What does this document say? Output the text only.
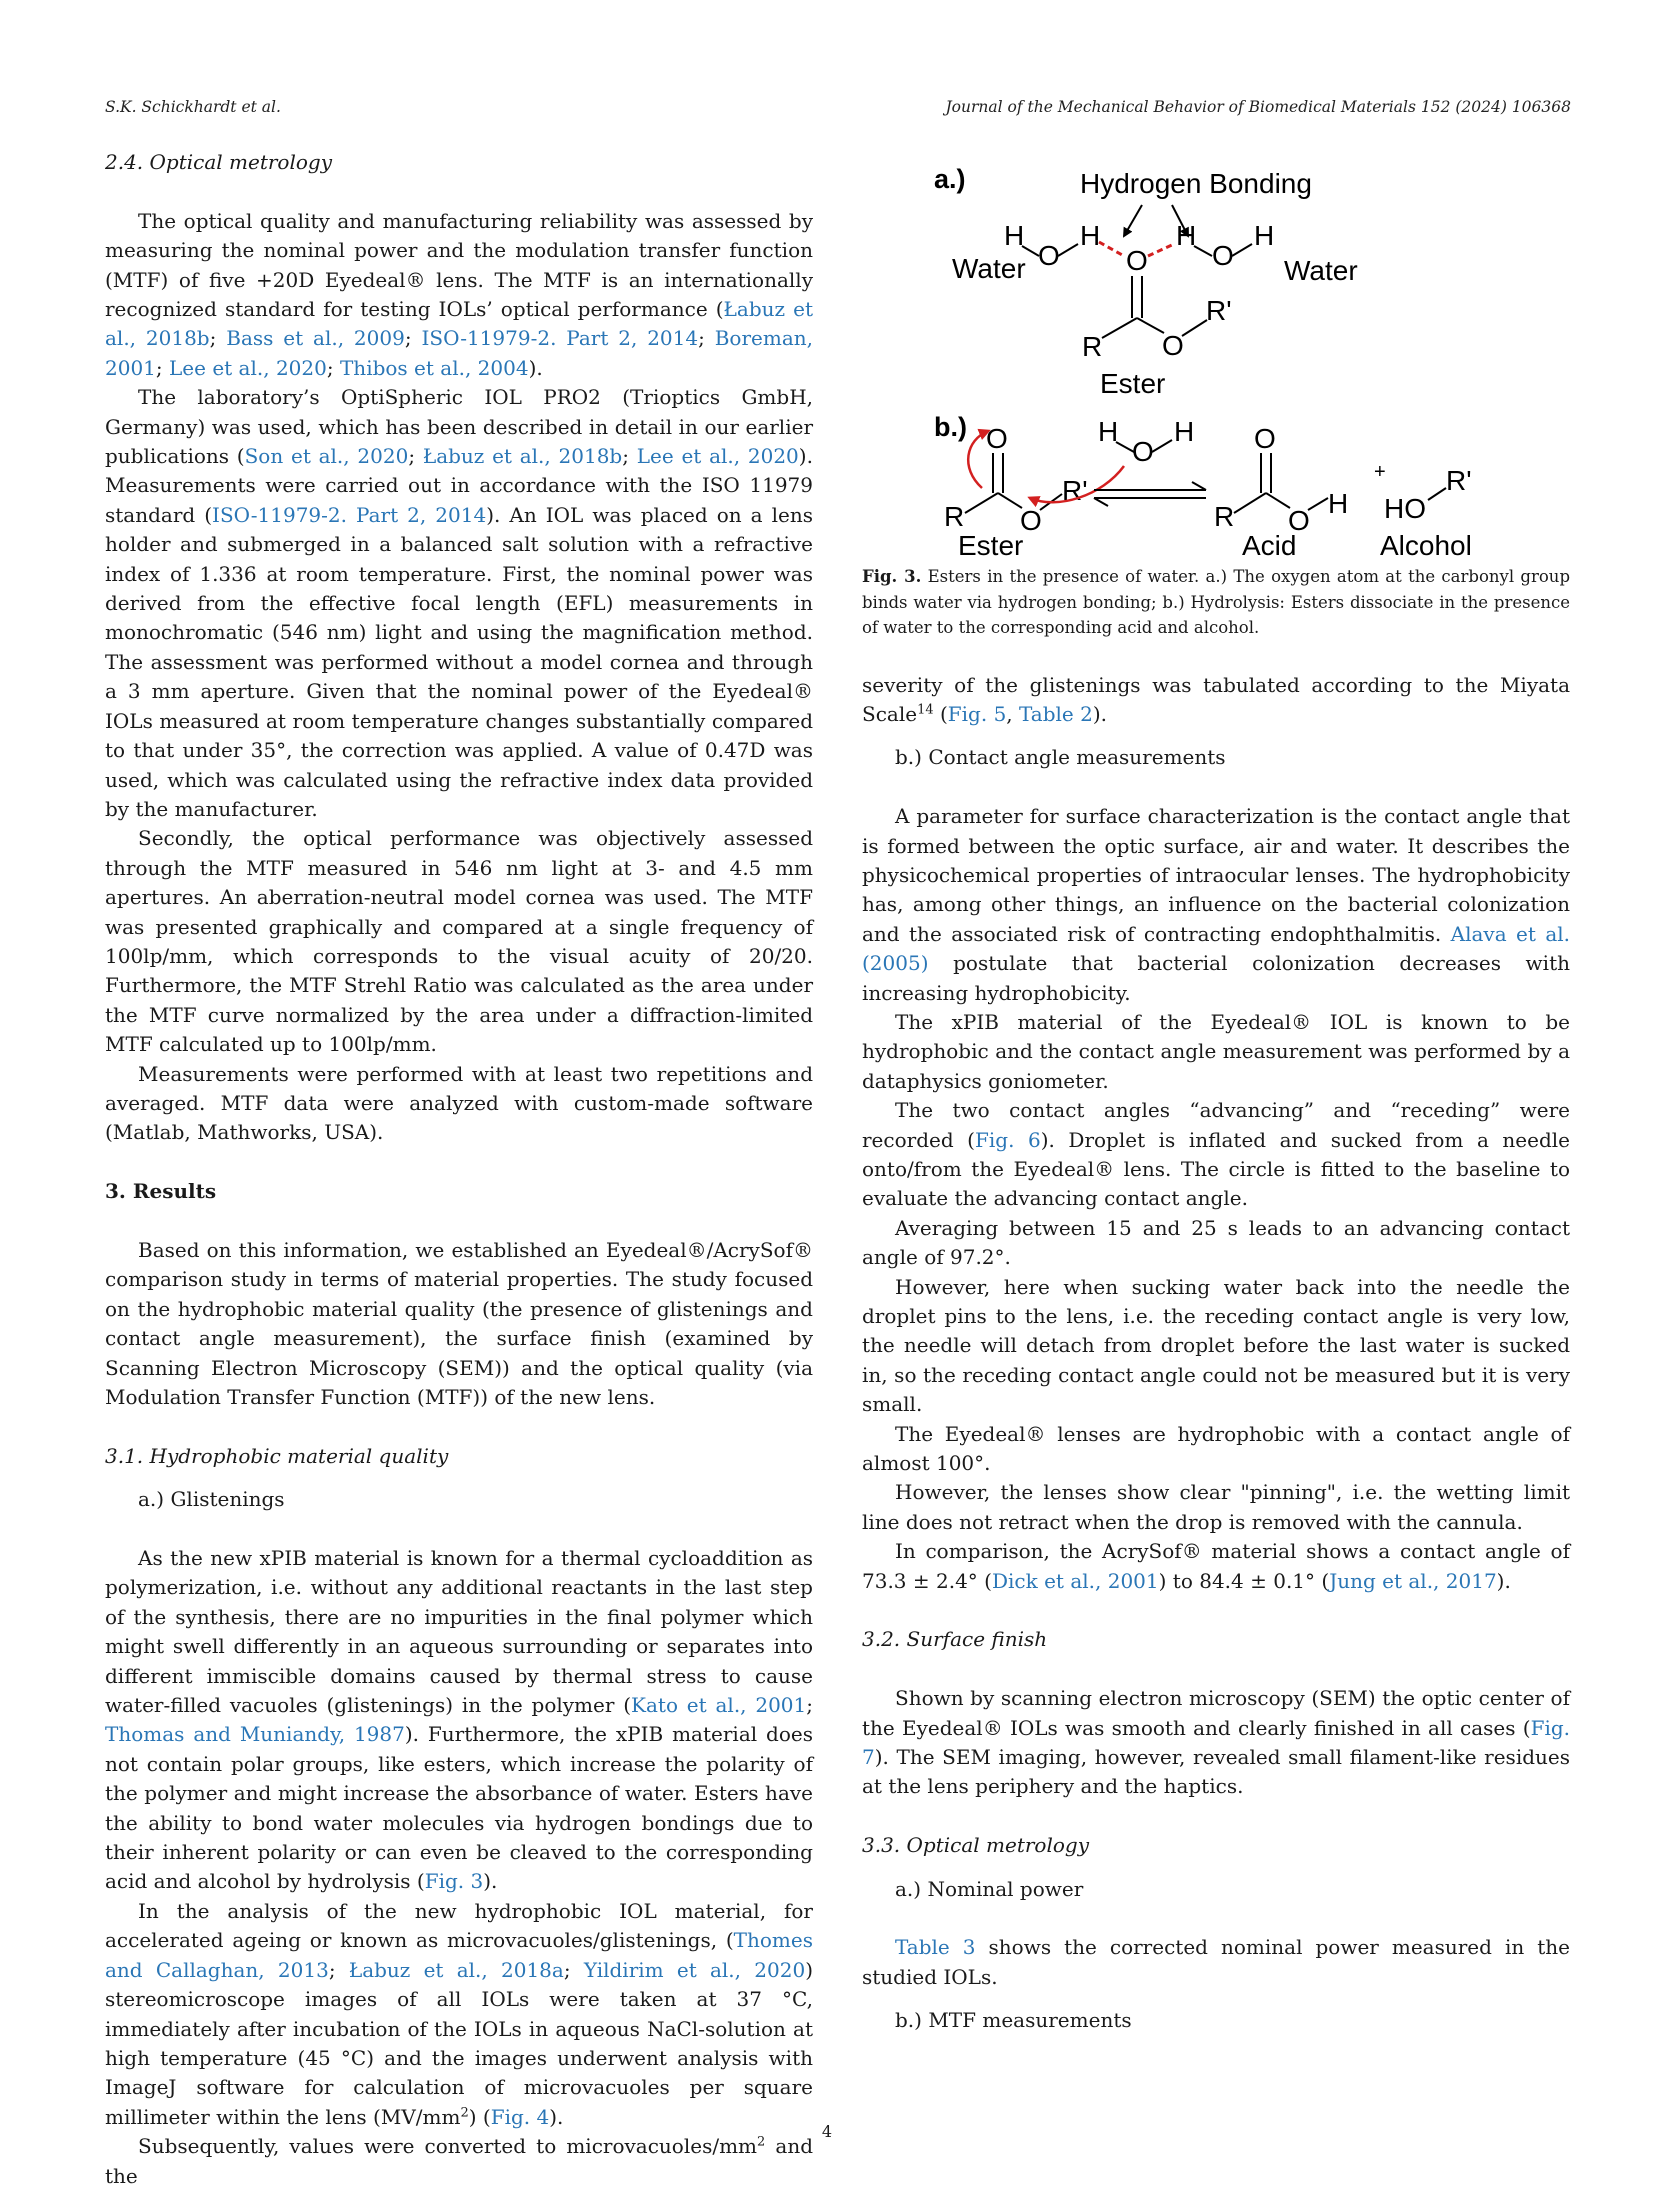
S.K. Schickhardt et al.	Journal of the Mechanical Behavior of Biomedical Materials 152 (2024) 106368
2.4. Optical metrology

The optical quality and manufacturing reliability was assessed by measuring the nominal power and the modulation transfer function (MTF) of five +20D Eyedeal® lens. The MTF is an internationally recognized standard for testing IOLs’ optical performance (Łabuz et al., 2018b; Bass et al., 2009; ISO-11979-2. Part 2, 2014; Boreman, 2001; Lee et al., 2020; Thibos et al., 2004).

The laboratory’s OptiSpheric IOL PRO2 (Trioptics GmbH, Germany) was used, which has been described in detail in our earlier publications (Son et al., 2020; Łabuz et al., 2018b; Lee et al., 2020). Measurements were carried out in accordance with the ISO 11979 standard (ISO-11979-2. Part 2, 2014). An IOL was placed on a lens holder and submerged in a balanced salt solution with a refractive index of 1.336 at room temperature. First, the nominal power was derived from the effective focal length (EFL) measurements in monochromatic (546 nm) light and using the magnification method. The assessment was performed without a model cornea and through a 3 mm aperture. Given that the nominal power of the Eyedeal® IOLs measured at room temperature changes substantially compared to that under 35°, the correction was applied. A value of 0.47D was used, which was calculated using the refractive index data provided by the manufacturer.

Secondly, the optical performance was objectively assessed through the MTF measured in 546 nm light at 3- and 4.5 mm apertures. An aberration-neutral model cornea was used. The MTF was presented graphically and compared at a single frequency of 100lp/mm, which corresponds to the visual acuity of 20/20. Furthermore, the MTF Strehl Ratio was calculated as the area under the MTF curve normalized by the area under a diffraction-limited MTF calculated up to 100lp/mm.

Measurements were performed with at least two repetitions and averaged. MTF data were analyzed with custom-made software (Matlab, Mathworks, USA).

3. Results

Based on this information, we established an Eyedeal®/AcrySof® comparison study in terms of material properties. The study focused on the hydrophobic material quality (the presence of glistenings and contact angle measurement), the surface finish (examined by Scanning Electron Microscopy (SEM)) and the optical quality (via Modulation Transfer Function (MTF)) of the new lens.

3.1. Hydrophobic material quality
a.) Glistenings

As the new xPIB material is known for a thermal cycloaddition as polymerization, i.e. without any additional reactants in the last step of the synthesis, there are no impurities in the final polymer which might swell differently in an aqueous surrounding or separates into different immiscible domains caused by thermal stress to cause water-filled vacuoles (glistenings) in the polymer (Kato et al., 2001; Thomas and Muniandy, 1987). Furthermore, the xPIB material does not contain polar groups, like esters, which increase the polarity of the polymer and might increase the absorbance of water. Esters have the ability to bond water molecules via hydrogen bondings due to their inherent polarity or can even be cleaved to the corresponding acid and alcohol by hydrolysis (Fig. 3).

In the analysis of the new hydrophobic IOL material, for accelerated ageing or known as microvacuoles/glistenings, (Thomes and Callaghan, 2013; Łabuz et al., 2018a; Yildirim et al., 2020) stereomicroscope images of all IOLs were taken at 37 °C, immediately after incubation of the IOLs in aqueous NaCl-solution at high temperature (45 °C) and the images underwent analysis with ImageJ software for calculation of microvacuoles per square millimeter within the lens $(MV/mm^2)$ (Fig. 4).

Subsequently, values were converted to microvacuoles/$mm^2$ and the

a.)	Hydrogen Bonding
H
O
H
Water	O
R O
R'
Ester
H
O
H
Water
b.) O
R O
R'
Ester
H
O
H O
R O
H
Acid
+
HO
R'
Alcohol
Fig. 3. Esters in the presence of water. a.) The oxygen atom at the carbonyl group binds water via hydrogen bonding; b.) Hydrolysis: Esters dissociate in the presence of water to the corresponding acid and alcohol.

severity of the glistenings was tabulated according to the Miyata Scale$^{14}$ (Fig. 5, Table 2).

b.) Contact angle measurements

A parameter for surface characterization is the contact angle that is formed between the optic surface, air and water. It describes the physicochemical properties of intraocular lenses. The hydrophobicity has, among other things, an influence on the bacterial colonization and the associated risk of contracting endophthalmitis. Alava et al. (2005) postulate that bacterial colonization decreases with increasing hydrophobicity.

The xPIB material of the Eyedeal® IOL is known to be hydrophobic and the contact angle measurement was performed by a dataphysics goniometer.

The two contact angles “advancing” and “receding” were recorded (Fig. 6). Droplet is inflated and sucked from a needle onto/from the Eyedeal® lens. The circle is fitted to the baseline to evaluate the advancing contact angle.

Averaging between 15 and 25 s leads to an advancing contact angle of 97.2°.

However, here when sucking water back into the needle the droplet pins to the lens, i.e. the receding contact angle is very low, the needle will detach from droplet before the last water is sucked in, so the receding contact angle could not be measured but it is very small.

The Eyedeal® lenses are hydrophobic with a contact angle of almost 100°.

However, the lenses show clear "pinning", i.e. the wetting limit line does not retract when the drop is removed with the cannula.

In comparison, the AcrySof® material shows a contact angle of 73.3 ± 2.4° (Dick et al., 2001) to 84.4 ± 0.1° (Jung et al., 2017).

3.2. Surface finish

Shown by scanning electron microscopy (SEM) the optic center of the Eyedeal® IOLs was smooth and clearly finished in all cases (Fig. 7). The SEM imaging, however, revealed small filament-like residues at the lens periphery and the haptics.

3.3. Optical metrology
a.) Nominal power

Table 3 shows the corrected nominal power measured in the studied IOLs.

b.) MTF measurements
4
